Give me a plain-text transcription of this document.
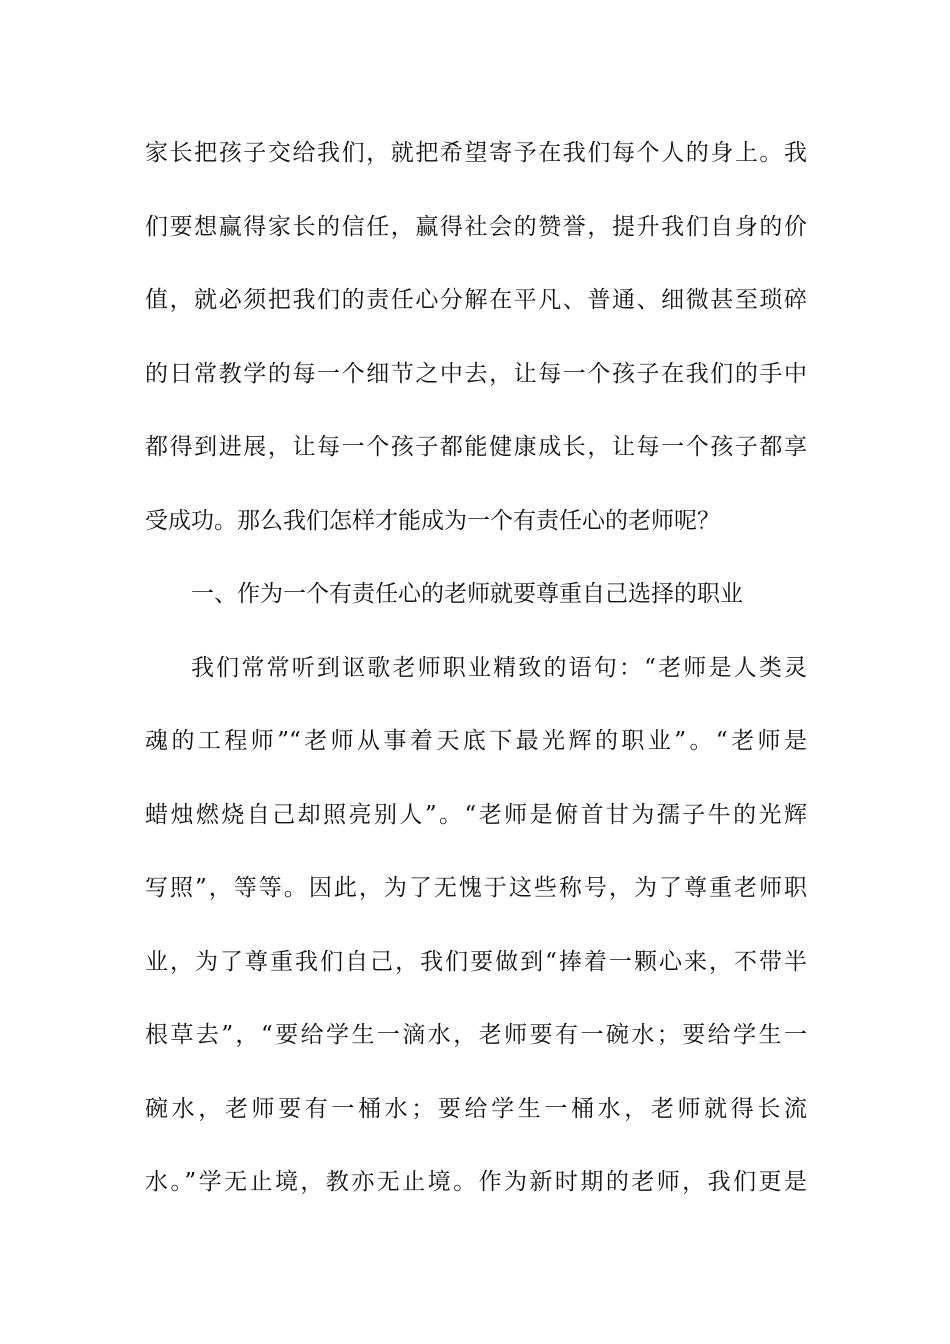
家长把孩子交给我们，就把希望寄予在我们每个人的身上。我
们要想赢得家长的信任，赢得社会的赞誉，提升我们自身的价
值，就必须把我们的责任心分解在平凡、普通、细微甚至琐碎
的日常教学的每一个细节之中去，让每一个孩子在我们的手中
都得到进展，让每一个孩子都能健康成长，让每一个孩子都享
受成功。那么我们怎样才能成为一个有责任心的老师呢？
一、作为一个有责任心的老师就要尊重自己选择的职业
我们常常听到讴歌老师职业精致的语句：“老师是人类灵
魂的工程师”“老师从事着天底下最光辉的职业”。“老师是
蜡烛燃烧自己却照亮别人”。“老师是俯首甘为孺子牛的光辉
写照”，等等。因此，为了无愧于这些称号，为了尊重老师职
业，为了尊重我们自己，我们要做到“捧着一颗心来，不带半
根草去”，“要给学生一滴水，老师要有一碗水；要给学生一
碗水，老师要有一桶水；要给学生一桶水，老师就得长流
水。”学无止境，教亦无止境。作为新时期的老师，我们更是
